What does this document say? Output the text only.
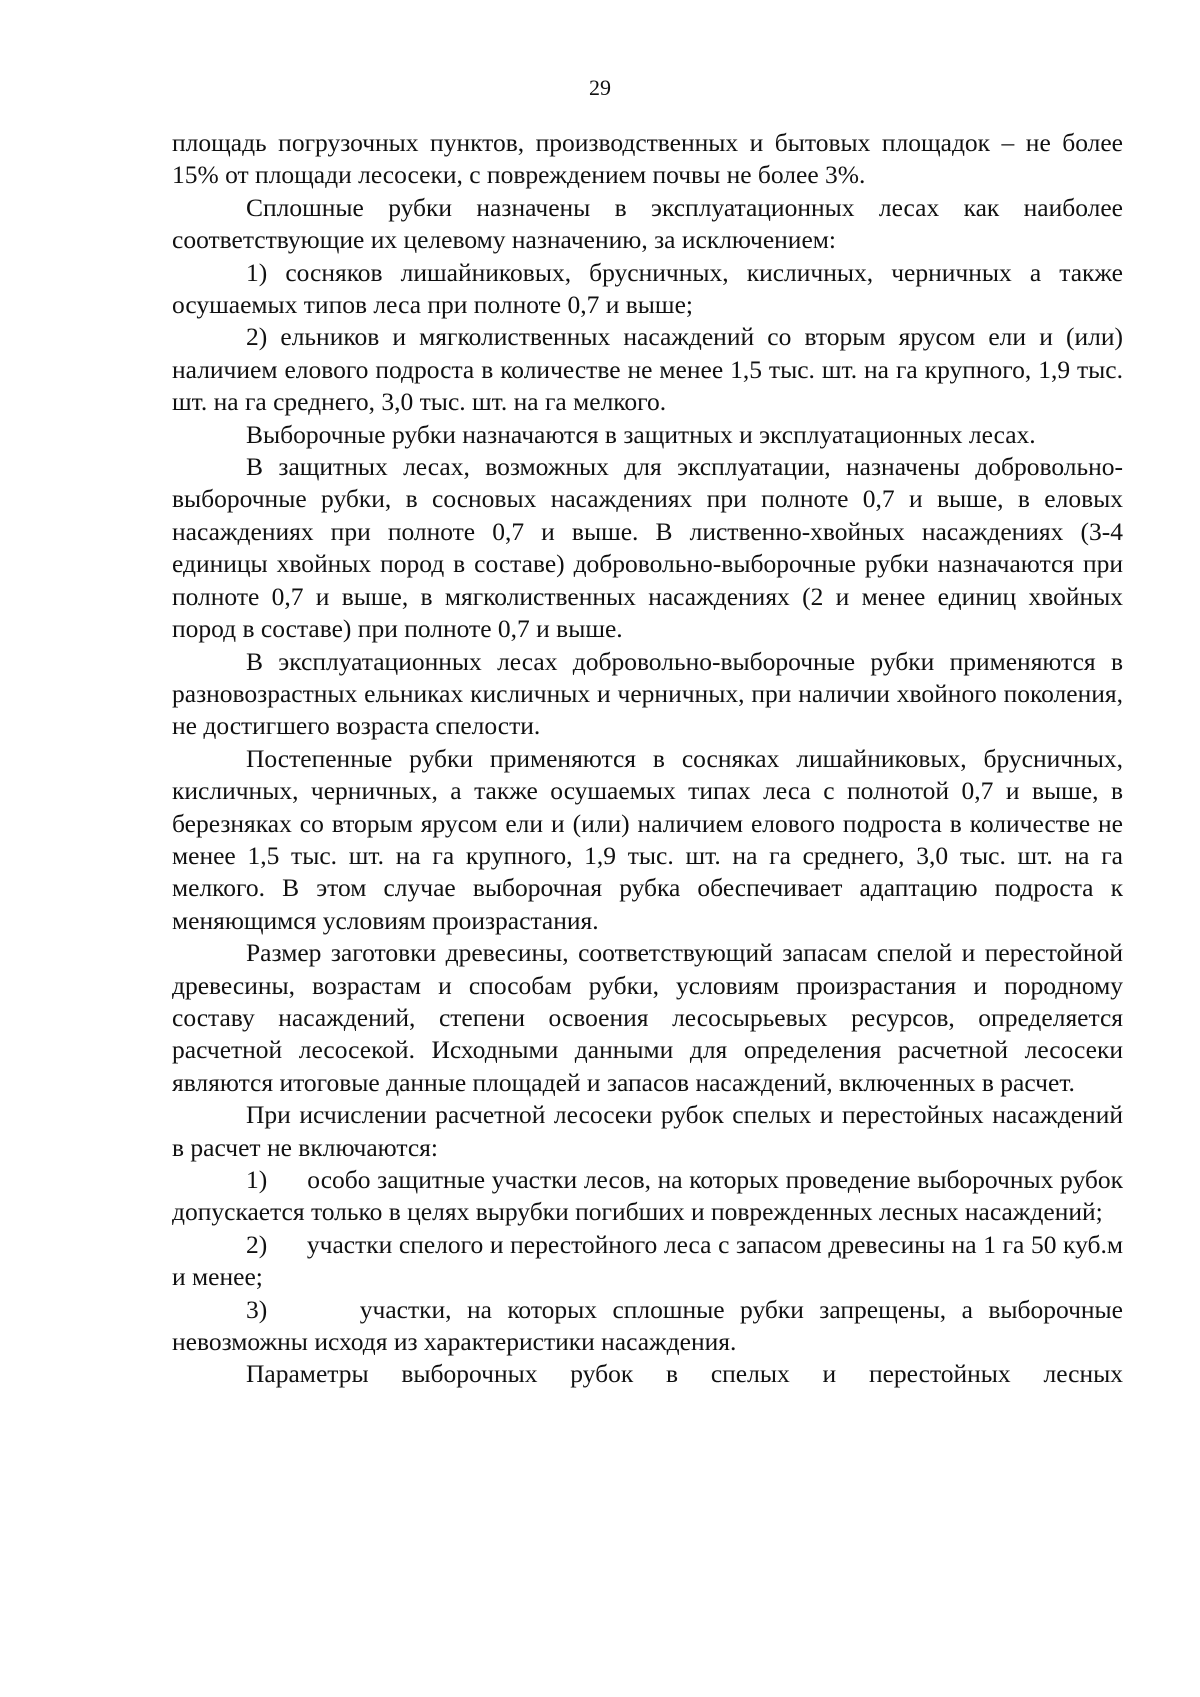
29

площадь погрузочных пунктов, производственных и бытовых площадок – не более 15% от площади лесосеки, с повреждением почвы не более 3%.

Сплошные рубки назначены в эксплуатационных лесах как наиболее соответствующие их целевому назначению, за исключением:

1) сосняков лишайниковых, брусничных, кисличных, черничных а также осушаемых типов леса при полноте 0,7 и выше;

2) ельников и мягколиственных насаждений со вторым ярусом ели и (или) наличием елового подроста в количестве не менее 1,5 тыс. шт. на га крупного, 1,9 тыс. шт. на га среднего, 3,0 тыс. шт. на га мелкого.

Выборочные рубки назначаются в защитных и эксплуатационных лесах.

В защитных лесах, возможных для эксплуатации, назначены добровольно-выборочные рубки, в сосновых насаждениях при полноте 0,7 и выше, в еловых насаждениях при полноте 0,7 и выше. В лиственно-хвойных насаждениях (3-4 единицы хвойных пород в составе) добровольно-выборочные рубки назначаются при полноте 0,7 и выше, в мягколиственных насаждениях (2 и менее единиц хвойных пород в составе) при полноте 0,7 и выше.

В эксплуатационных лесах добровольно-выборочные рубки применяются в разновозрастных ельниках кисличных и черничных, при наличии хвойного поколения, не достигшего возраста спелости.

Постепенные рубки применяются в сосняках лишайниковых, брусничных, кисличных, черничных, а также осушаемых типах леса с полнотой 0,7 и выше, в березняках со вторым ярусом ели и (или) наличием елового подроста в количестве не менее 1,5 тыс. шт. на га крупного, 1,9 тыс. шт. на га среднего, 3,0 тыс. шт. на га мелкого. В этом случае выборочная рубка обеспечивает адаптацию подроста к меняющимся условиям произрастания.

Размер заготовки древесины, соответствующий запасам спелой и перестойной древесины, возрастам и способам рубки, условиям произрастания и породному составу насаждений, степени освоения лесосырьевых ресурсов, определяется расчетной лесосекой. Исходными данными для определения расчетной лесосеки являются итоговые данные площадей и запасов насаждений, включенных в расчет.

При исчислении расчетной лесосеки рубок спелых и перестойных насаждений в расчет не включаются:

1)      особо защитные участки лесов, на которых проведение выборочных рубок допускается только в целях вырубки погибших и поврежденных лесных насаждений;

2)      участки спелого и перестойного леса с запасом древесины на 1 га 50 куб.м и менее;

3)      участки, на которых сплошные рубки запрещены, а выборочные невозможны исходя из характеристики насаждения.

Параметры выборочных рубок в спелых и перестойных лесных
